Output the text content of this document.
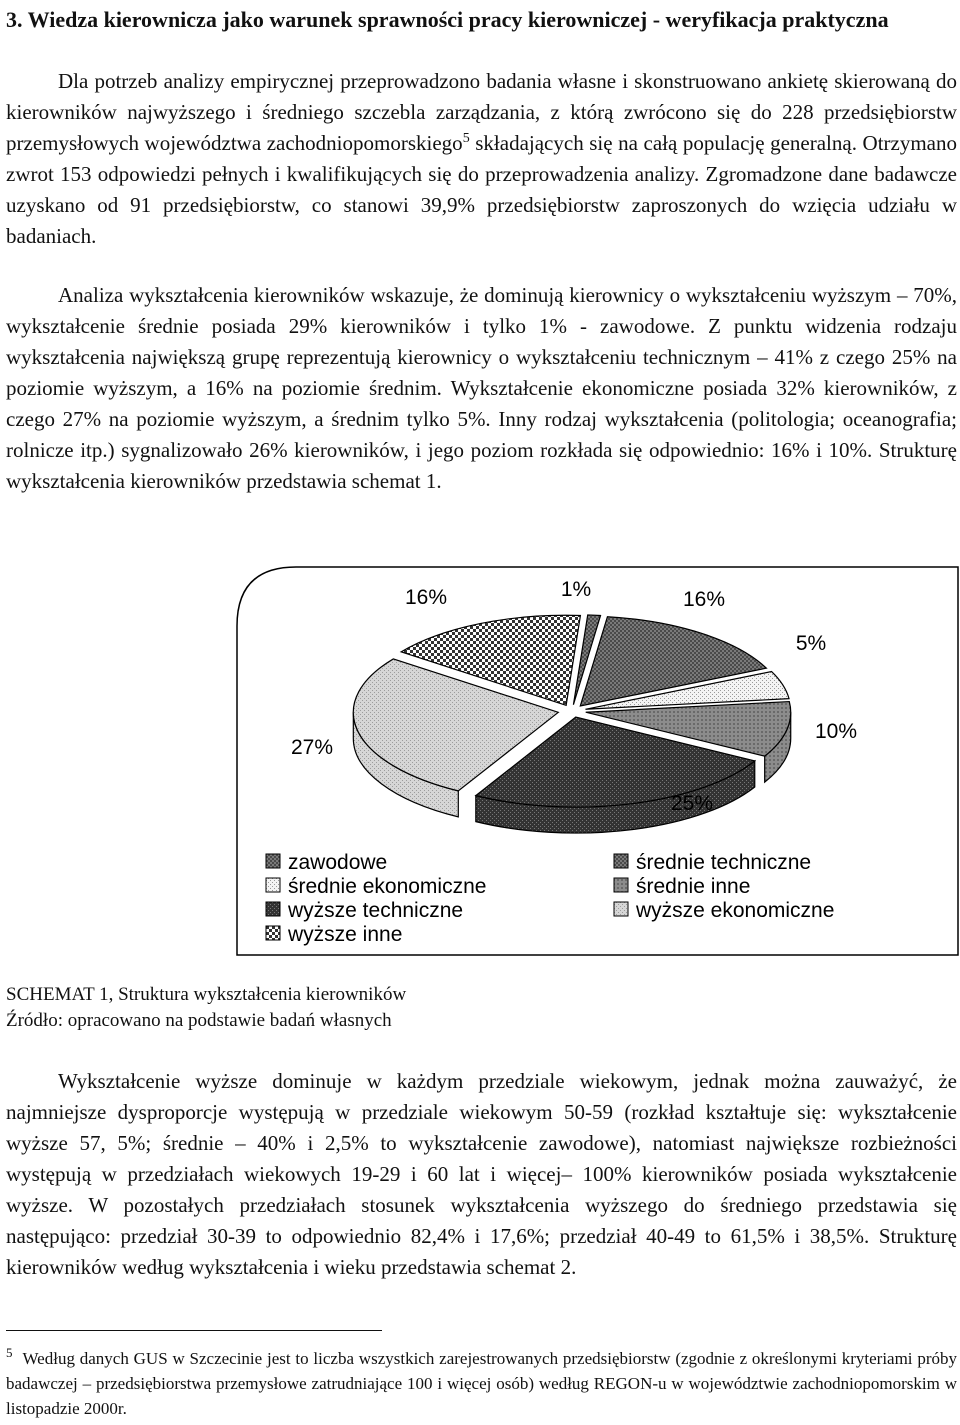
3. Wiedza kierownicza jako warunek sprawności pracy kierowniczej - weryfikacja praktyczna

Dla potrzeb analizy empirycznej przeprowadzono badania własne i skonstruowano ankietę skierowaną do kierowników najwyższego i średniego szczebla zarządzania, z którą zwrócono się do 228 przedsiębiorstw przemysłowych województwa zachodniopomorskiego$^5$ składających się na całą populację generalną. Otrzymano zwrot 153 odpowiedzi pełnych i kwalifikujących się do przeprowadzenia analizy. Zgromadzone dane badawcze uzyskano od 91 przedsiębiorstw, co stanowi 39,9% przedsiębiorstw zaproszonych do wzięcia udziału w badaniach.

Analiza wykształcenia kierowników wskazuje, że dominują kierownicy o wykształceniu wyższym – 70%, wykształcenie średnie posiada 29% kierowników i tylko 1% - zawodowe. Z punktu widzenia rodzaju wykształcenia największą grupę reprezentują kierownicy o wykształceniu technicznym – 41% z czego 25% na poziomie wyższym, a 16% na poziomie średnim. Wykształcenie ekonomiczne posiada 32% kierowników, z czego 27% na poziomie wyższym, a średnim tylko 5%. Inny rodzaj wykształcenia (politologia; oceanografia; rolnicze itp.) sygnalizowało 26% kierowników, i jego poziom rozkłada się odpowiednio: 16% i 10%. Strukturę wykształcenia kierowników przedstawia schemat 1.

1%
16%
5%
10%
25%
27%
16%
zawodowe
średnie ekonomiczne
wyższe techniczne
wyższe inne
średnie techniczne
średnie inne
wyższe ekonomiczne

SCHEMAT 1, Struktura wykształcenia kierowników

Źródło: opracowano na podstawie badań własnych

Wykształcenie wyższe dominuje w każdym przedziale wiekowym, jednak można zauważyć, że najmniejsze dysproporcje występują w przedziale wiekowym 50-59 (rozkład kształtuje się: wykształcenie wyższe 57, 5%; średnie – 40% i 2,5% to wykształcenie zawodowe), natomiast największe rozbieżności występują w przedziałach wiekowych 19-29 i 60 lat i więcej– 100% kierowników posiada wykształcenie wyższe. W pozostałych przedziałach stosunek wykształcenia wyższego do średniego przedstawia się następująco: przedział 30-39 to odpowiednio 82,4% i 17,6%; przedział 40-49 to 61,5% i 38,5%. Strukturę kierowników według wykształcenia i wieku przedstawia schemat 2.

$^5$ Według danych GUS w Szczecinie jest to liczba wszystkich zarejestrowanych przedsiębiorstw (zgodnie z określonymi kryteriami próby badawczej – przedsiębiorstwa przemysłowe zatrudniające 100 i więcej osób) według REGON-u w województwie zachodniopomorskim w listopadzie 2000r.
